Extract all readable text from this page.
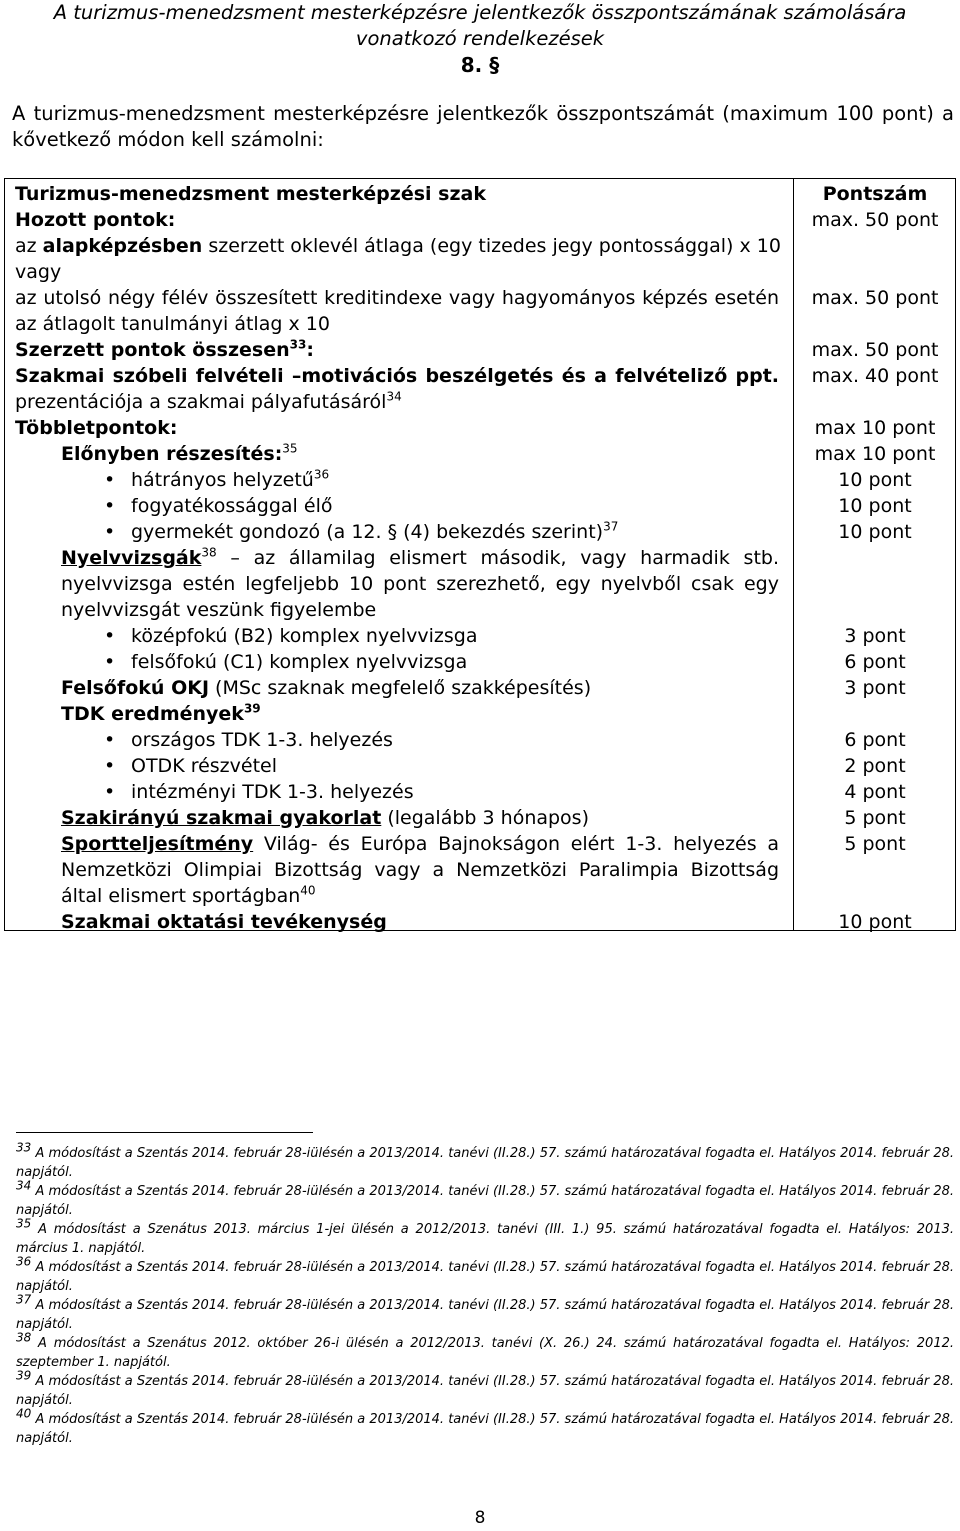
A turizmus-menedzsment mesterképzésre jelentkezők összpontszámának számolására
vonatkozó rendelkezések
8. §
A turizmus-menedzsment mesterképzésre jelentkezők összpontszámát (maximum 100 pont) a kővetkező módon kell számolni:
Turizmus-menedzsment mesterképzési szak	Pontszám
Hozott pontok:	max. 50 pont
az alapképzésben szerzett oklevél átlaga (egy tizedes jegy pontossággal) x 10
vagy
az utolsó négy félév összesített kreditindexe vagy hagyományos képzés esetén	max. 50 pont
az átlagolt tanulmányi átlag x 10
Szerzett pontok összesen$^{33}$:	max. 50 pont
Szakmai szóbeli felvételi –motivációs beszélgetés és a felvételiző ppt.	max. 40 pont
prezentációja a szakmai pályafutásáról$^{34}$
Többletpontok:	max 10 pont
Előnyben részesítés:$^{35}$	max 10 pont
• hátrányos helyzetű$^{36}$	10 pont
• fogyatékossággal élő	10 pont
• gyermekét gondozó (a 12. § (4) bekezdés szerint)$^{37}$	10 pont
Nyelvvizsgák$^{38}$ – az államilag elismert második, vagy harmadik stb.
nyelvvizsga estén legfeljebb 10 pont szerezhető, egy nyelvből csak egy
nyelvvizsgát veszünk figyelembe
• középfokú (B2) komplex nyelvvizsga	3 pont
• felsőfokú (C1) komplex nyelvvizsga	6 pont
Felsőfokú OKJ (MSc szaknak megfelelő szakképesítés)	3 pont
TDK eredmények$^{39}$
• országos TDK 1-3. helyezés	6 pont
• OTDK részvétel	2 pont
• intézményi TDK 1-3. helyezés	4 pont
Szakirányú szakmai gyakorlat (legalább 3 hónapos)	5 pont
Sportteljesítmény Világ- és Európa Bajnokságon elért 1-3. helyezés a	5 pont
Nemzetközi Olimpiai Bizottság vagy a Nemzetközi Paralimpia Bizottság
által elismert sportágban$^{40}$
Szakmai oktatási tevékenység	10 pont
$^{33}$ A módosítást a Szentás 2014. február 28-iülésén a 2013/2014. tanévi (II.28.) 57. számú határozatával fogadta el. Hatályos 2014. február 28. napjától.
$^{34}$ A módosítást a Szentás 2014. február 28-iülésén a 2013/2014. tanévi (II.28.) 57. számú határozatával fogadta el. Hatályos 2014. február 28. napjától.
$^{35}$ A módosítást a Szenátus 2013. március 1-jei ülésén a 2012/2013. tanévi (III. 1.) 95. számú határozatával fogadta el. Hatályos: 2013. március 1. napjától.
$^{36}$ A módosítást a Szentás 2014. február 28-iülésén a 2013/2014. tanévi (II.28.) 57. számú határozatával fogadta el. Hatályos 2014. február 28. napjától.
$^{37}$ A módosítást a Szentás 2014. február 28-iülésén a 2013/2014. tanévi (II.28.) 57. számú határozatával fogadta el. Hatályos 2014. február 28. napjától.
$^{38}$ A módosítást a Szenátus 2012. október 26-i ülésén a 2012/2013. tanévi (X. 26.) 24. számú határozatával fogadta el. Hatályos: 2012. szeptember 1. napjától.
$^{39}$ A módosítást a Szentás 2014. február 28-iülésén a 2013/2014. tanévi (II.28.) 57. számú határozatával fogadta el. Hatályos 2014. február 28. napjától.
$^{40}$ A módosítást a Szentás 2014. február 28-iülésén a 2013/2014. tanévi (II.28.) 57. számú határozatával fogadta el. Hatályos 2014. február 28. napjától.
8
